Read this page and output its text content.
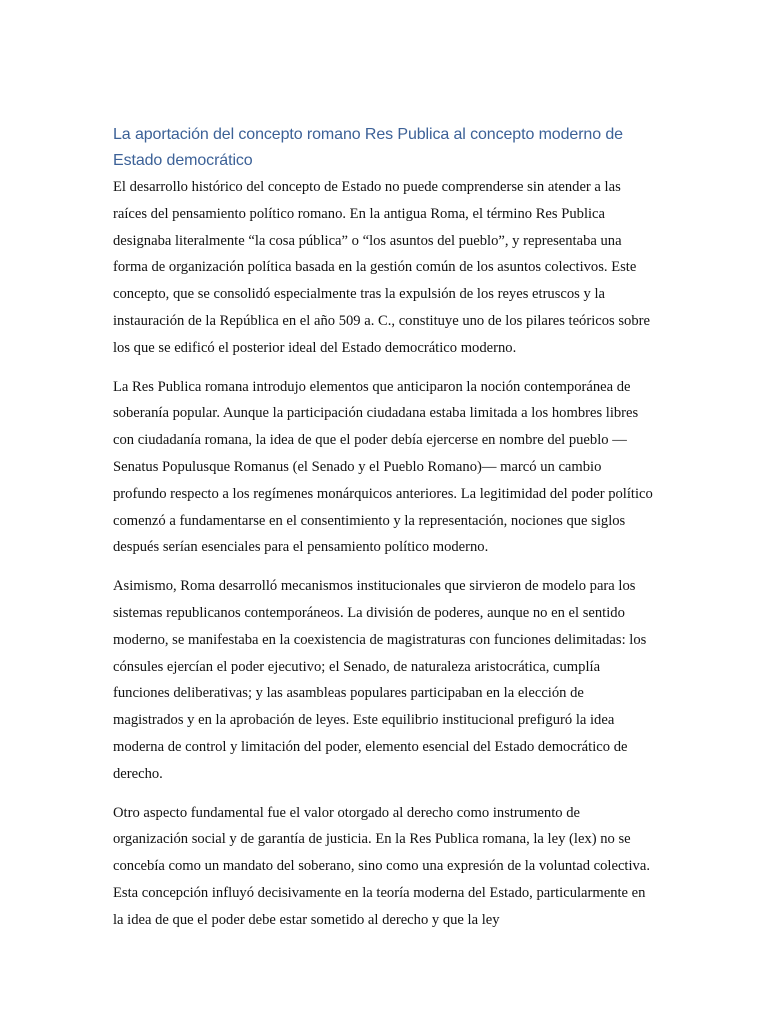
La aportación del concepto romano Res Publica al concepto moderno de Estado democrático

El desarrollo histórico del concepto de Estado no puede comprenderse sin atender a las raíces del pensamiento político romano. En la antigua Roma, el término Res Publica designaba literalmente “la cosa pública” o “los asuntos del pueblo”, y representaba una forma de organización política basada en la gestión común de los asuntos colectivos. Este concepto, que se consolidó especialmente tras la expulsión de los reyes etruscos y la instauración de la República en el año 509 a. C., constituye uno de los pilares teóricos sobre los que se edificó el posterior ideal del Estado democrático moderno.

La Res Publica romana introdujo elementos que anticiparon la noción contemporánea de soberanía popular. Aunque la participación ciudadana estaba limitada a los hombres libres con ciudadanía romana, la idea de que el poder debía ejercerse en nombre del pueblo —Senatus Populusque Romanus (el Senado y el Pueblo Romano)— marcó un cambio profundo respecto a los regímenes monárquicos anteriores. La legitimidad del poder político comenzó a fundamentarse en el consentimiento y la representación, nociones que siglos después serían esenciales para el pensamiento político moderno.

Asimismo, Roma desarrolló mecanismos institucionales que sirvieron de modelo para los sistemas republicanos contemporáneos. La división de poderes, aunque no en el sentido moderno, se manifestaba en la coexistencia de magistraturas con funciones delimitadas: los cónsules ejercían el poder ejecutivo; el Senado, de naturaleza aristocrática, cumplía funciones deliberativas; y las asambleas populares participaban en la elección de magistrados y en la aprobación de leyes. Este equilibrio institucional prefiguró la idea moderna de control y limitación del poder, elemento esencial del Estado democrático de derecho.

Otro aspecto fundamental fue el valor otorgado al derecho como instrumento de organización social y de garantía de justicia. En la Res Publica romana, la ley (lex) no se concebía como un mandato del soberano, sino como una expresión de la voluntad colectiva. Esta concepción influyó decisivamente en la teoría moderna del Estado, particularmente en la idea de que el poder debe estar sometido al derecho y que la ley
